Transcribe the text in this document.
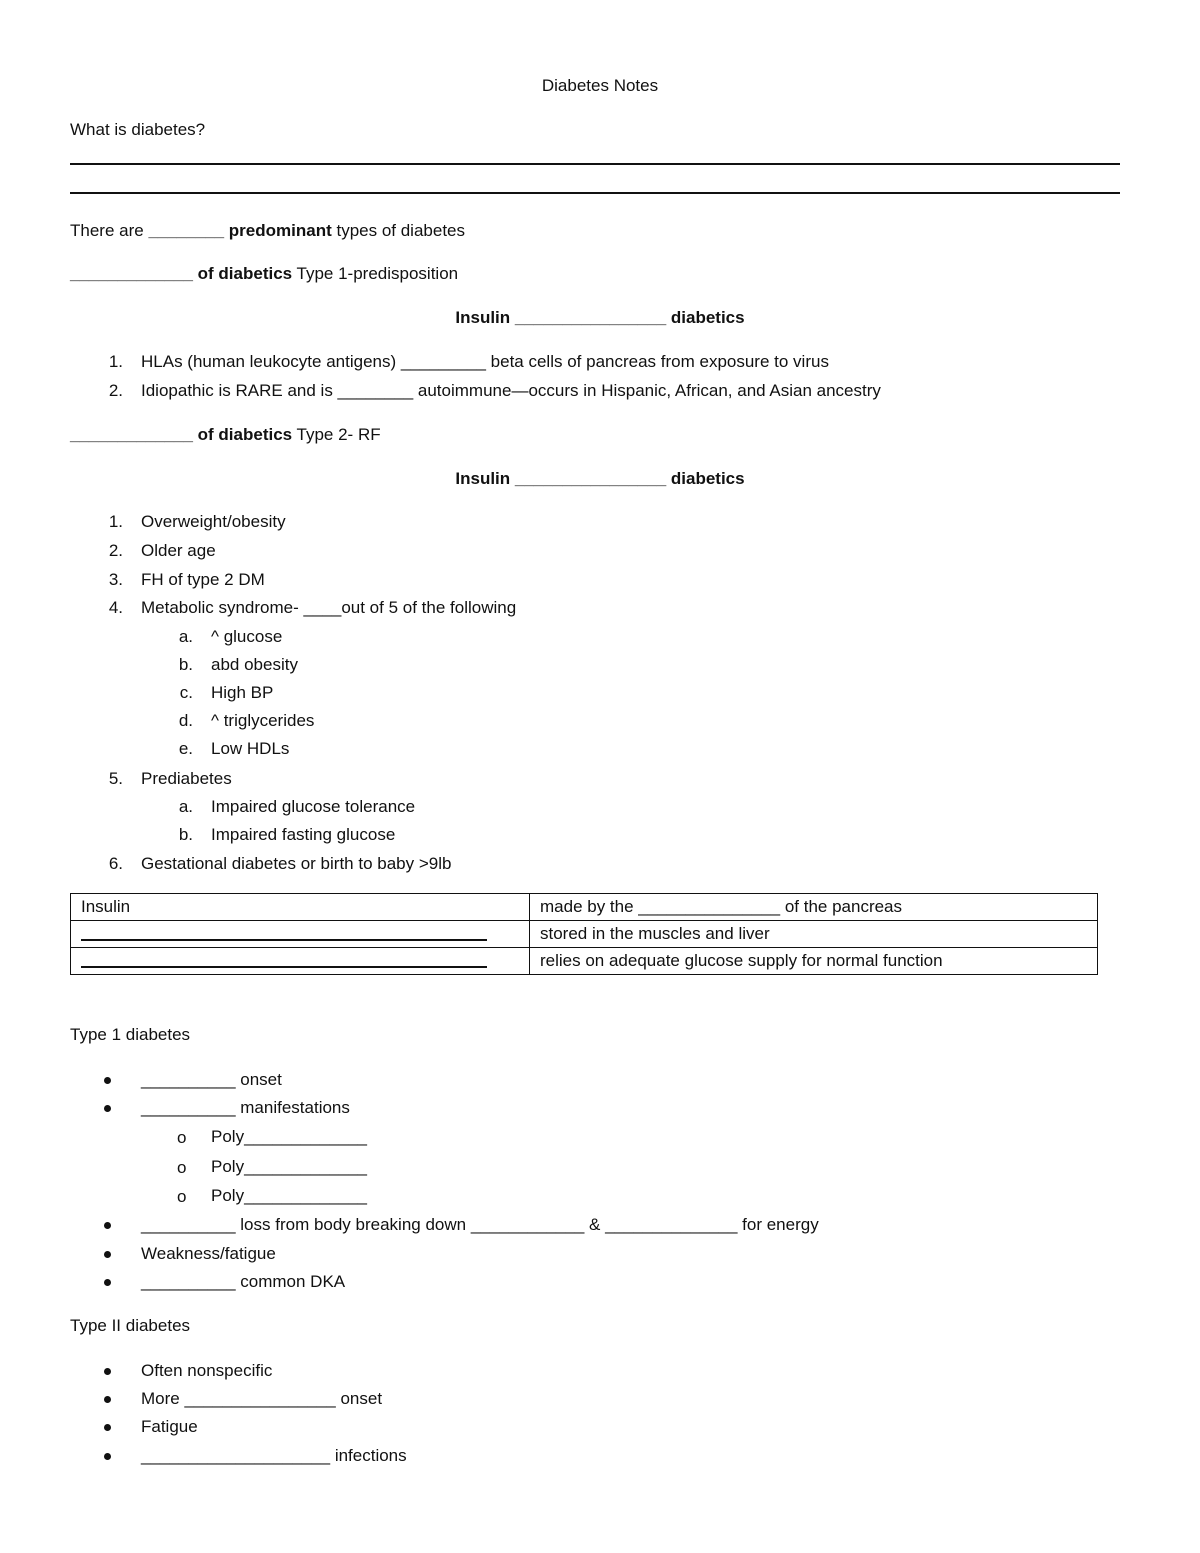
Diabetes Notes
What is diabetes?
There are ________ predominant types of diabetes
_____________ of diabetics Type 1-predisposition
Insulin ________________ diabetics
1. HLAs (human leukocyte antigens) _________ beta cells of pancreas from exposure to virus
2. Idiopathic is RARE and is ________ autoimmune—occurs in Hispanic, African, and Asian ancestry
_____________ of diabetics Type 2- RF
Insulin ________________ diabetics
1. Overweight/obesity
2. Older age
3. FH of type 2 DM
4. Metabolic syndrome- ____out of 5 of the following
a. ^ glucose
b. abd obesity
c. High BP
d. ^ triglycerides
e. Low HDLs
5. Prediabetes
a. Impaired glucose tolerance
b. Impaired fasting glucose
6. Gestational diabetes or birth to baby >9lb
Insulin	made by the _______________ of the pancreas
	stored in the muscles and liver
	relies on adequate glucose supply for normal function
Type 1 diabetes
__________ onset
__________ manifestations
o Poly_____________
o Poly_____________
o Poly_____________
__________ loss from body breaking down ____________ & ______________ for energy
Weakness/fatigue
__________ common DKA
Type II diabetes
Often nonspecific
More ________________ onset
Fatigue
____________________ infections
